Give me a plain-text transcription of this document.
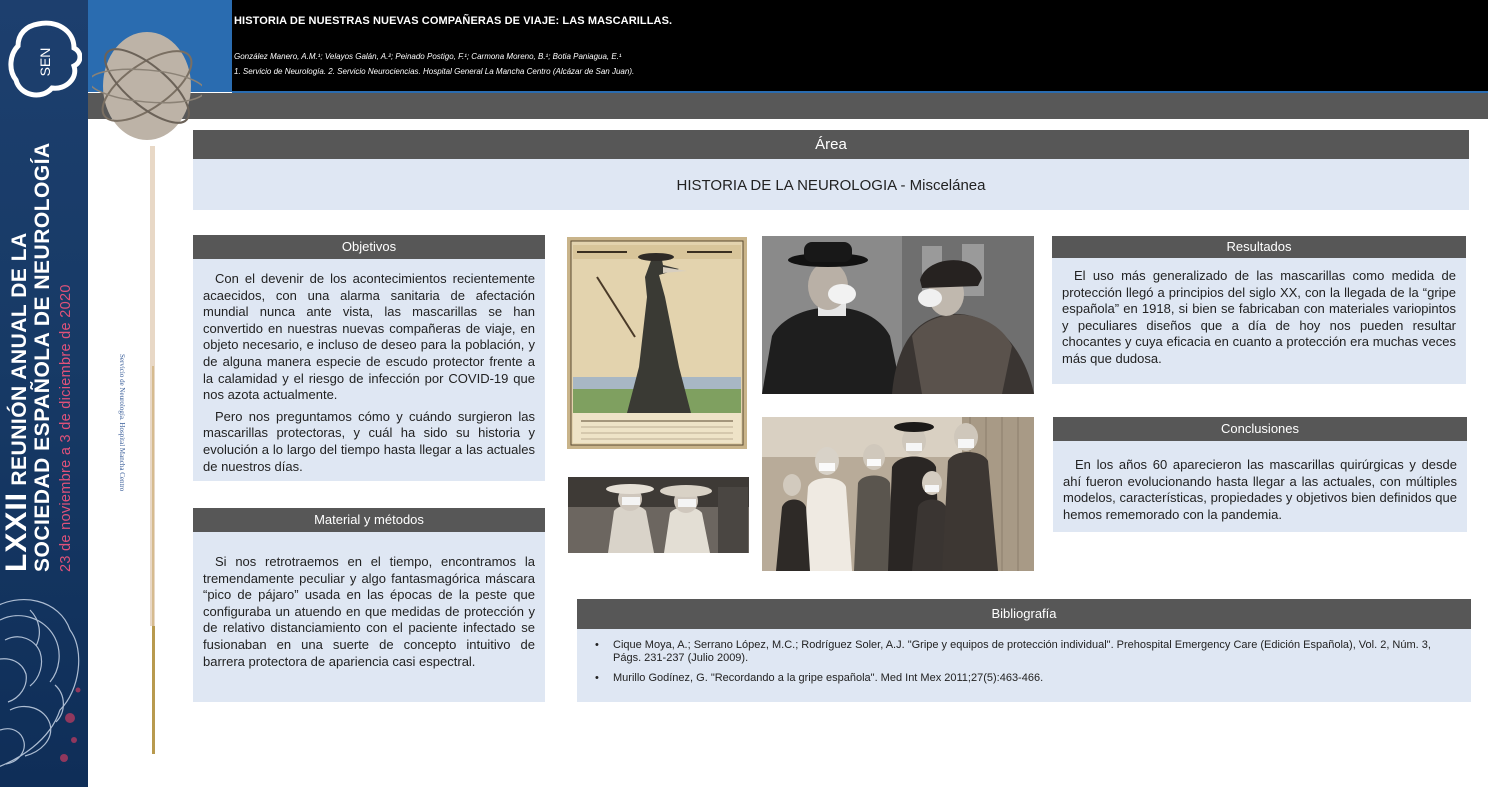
SEN
LXXII REUNIÓN ANUAL DE LA SOCIEDAD ESPAÑOLA DE NEUROLOGÍA 23 de noviembre a 3 de diciembre de 2020
HISTORIA DE NUESTRAS NUEVAS COMPAÑERAS DE VIAJE: LAS MASCARILLAS.
González Manero, A.M.¹; Velayos Galán, A.²; Peinado Postigo, F.¹; Carmona Moreno, B.¹; Botia Paniagua, E.¹
1. Servicio de Neurología. 2. Servicio Neurociencias. Hospital General La Mancha Centro (Alcázar de San Juan).
Servicio de Neurología. Hospital Mancha Centro
Área
HISTORIA DE LA NEUROLOGIA - Miscelánea
Objetivos

Con el devenir de los acontecimientos recientemente acaecidos, con una alarma sanitaria de afectación mundial nunca ante vista, las mascarillas se han convertido en nuestras nuevas compañeras de viaje, en objeto necesario, e incluso de deseo para la población, y de alguna manera especie de escudo protector frente a la calamidad y el riesgo de infección por COVID-19 que nos azota actualmente.

Pero nos preguntamos cómo y cuándo surgieron las mascarillas protectoras, y cuál ha sido su historia y evolución a lo largo del tiempo hasta llegar a las actuales de nuestros días.

Material y métodos

Si nos retrotraemos en el tiempo, encontramos la tremendamente peculiar y algo fantasmagórica máscara “pico de pájaro” usada en las épocas de la peste que configuraba un atuendo en que medidas de protección y de relativo distanciamiento con el paciente infectado se fusionaban en una suerte de concepto intuitivo de barrera protectora de apariencia casi espectral.

Resultados

El uso más generalizado de las mascarillas como medida de protección llegó a principios del siglo XX, con la llegada de la “gripe española” en 1918, si bien se fabricaban con materiales variopintos y peculiares diseños que a día de hoy nos pueden resultar chocantes y cuya eficacia en cuanto a protección era muchas veces más que dudosa.

Conclusiones

En los años 60 aparecieron las mascarillas quirúrgicas y desde ahí fueron evolucionando hasta llegar a las actuales, con múltiples modelos, características, propiedades y objetivos bien definidos que hemos rememorado con la pandemia.

Bibliografía
• Cique Moya, A.; Serrano López, M.C.; Rodríguez Soler, A.J. "Gripe y equipos de protección individual". Prehospital Emergency Care (Edición Española), Vol. 2, Núm. 3, Págs. 231-237 (Julio 2009).
• Murillo Godínez, G. "Recordando a la gripe española". Med Int Mex 2011;27(5):463-466.
